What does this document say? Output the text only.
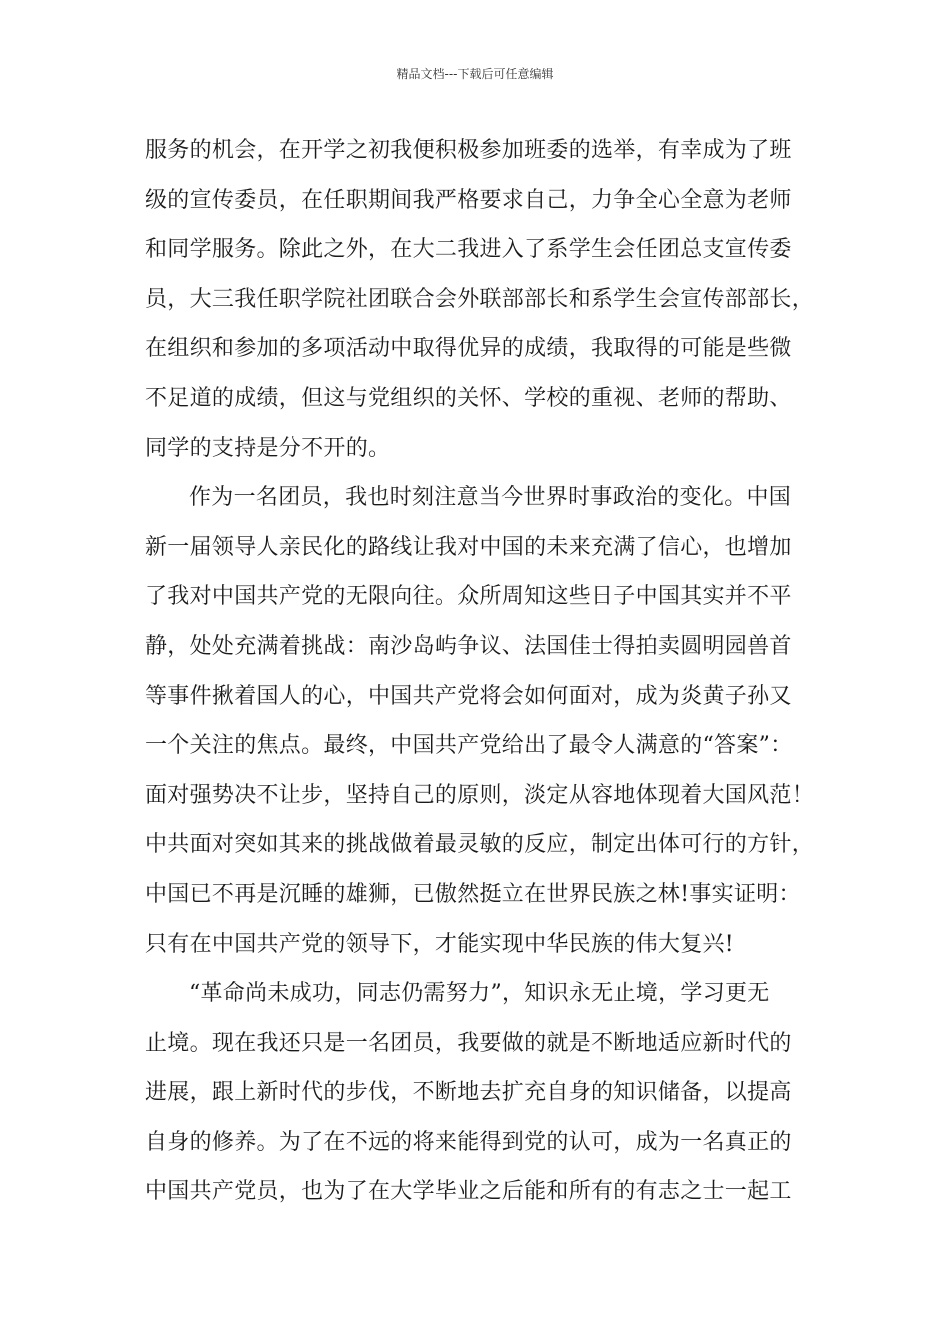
精品文档---下载后可任意编辑
服务的机会，在开学之初我便积极参加班委的选举，有幸成为了班
级的宣传委员，在任职期间我严格要求自己，力争全心全意为老师
和同学服务。除此之外，在大二我进入了系学生会任团总支宣传委
员，大三我任职学院社团联合会外联部部长和系学生会宣传部部长，
在组织和参加的多项活动中取得优异的成绩，我取得的可能是些微
不足道的成绩，但这与党组织的关怀、学校的重视、老师的帮助、
同学的支持是分不开的。
作为一名团员，我也时刻注意当今世界时事政治的变化。中国
新一届领导人亲民化的路线让我对中国的未来充满了信心，也增加
了我对中国共产党的无限向往。众所周知这些日子中国其实并不平
静，处处充满着挑战：南沙岛屿争议、法国佳士得拍卖圆明园兽首
等事件揪着国人的心，中国共产党将会如何面对，成为炎黄子孙又
一个关注的焦点。最终，中国共产党给出了最令人满意的“答案”：
面对强势决不让步，坚持自己的原则，淡定从容地体现着大国风范！
中共面对突如其来的挑战做着最灵敏的反应，制定出体可行的方针，
中国已不再是沉睡的雄狮，已傲然挺立在世界民族之林!事实证明：
只有在中国共产党的领导下，才能实现中华民族的伟大复兴!
“革命尚未成功，同志仍需努力”，知识永无止境，学习更无
止境。现在我还只是一名团员，我要做的就是不断地适应新时代的
进展，跟上新时代的步伐，不断地去扩充自身的知识储备，以提高
自身的修养。为了在不远的将来能得到党的认可，成为一名真正的
中国共产党员，也为了在大学毕业之后能和所有的有志之士一起工
